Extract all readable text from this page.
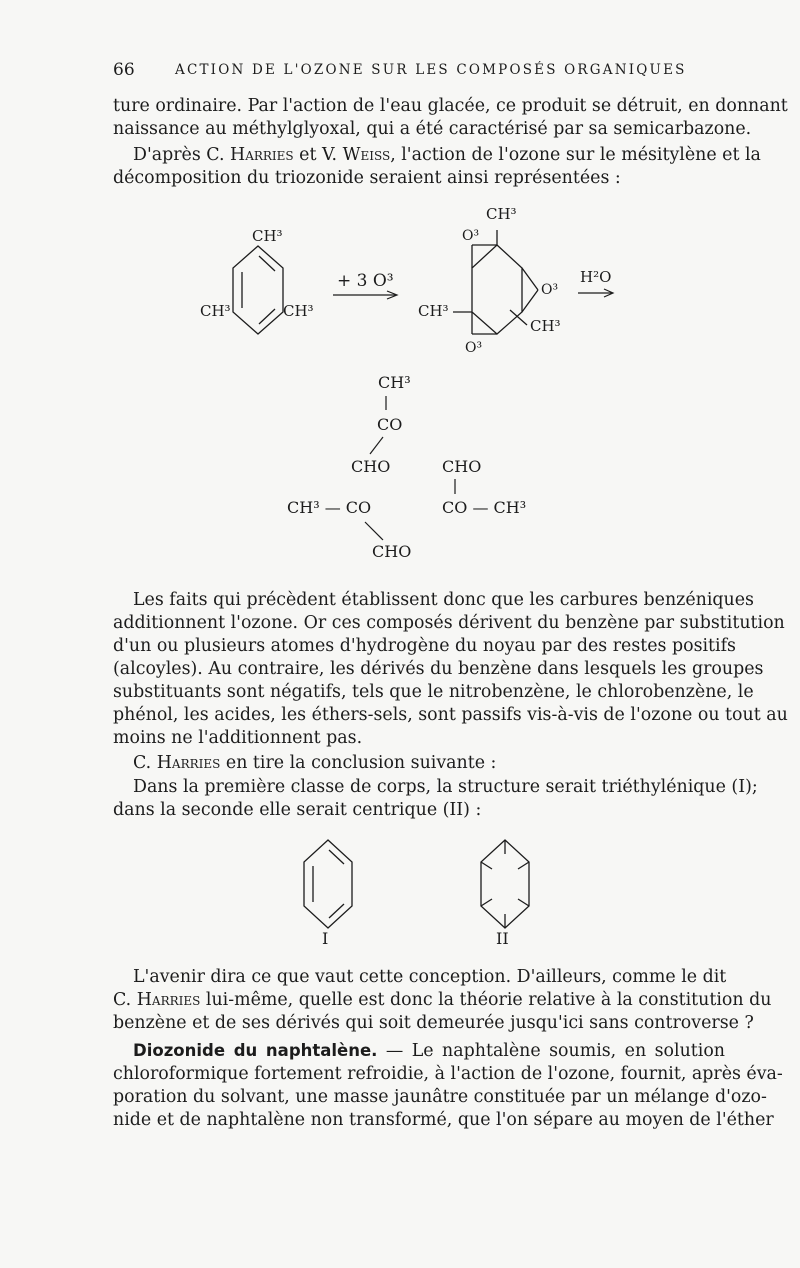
66	ACTION DE L'OZONE SUR LES COMPOSÉS ORGANIQUES

ture ordinaire. Par l'action de l'eau glacée, ce produit se détruit, en donnant
naissance au méthylglyoxal, qui a été caractérisé par sa semicarbazone.

D'après C. Harries et V. Weiss, l'action de l'ozone sur le mésitylène et la
décomposition du triozonide seraient ainsi représentées :

CH³
CH³	CH³
+ 3 O³
CH³
O³
O³
CH³
CH³
O³
H²O
CH³
CO
CHO	CHO
CO — CH³
CH³ — CO
CHO

Les faits qui précèdent établissent donc que les carbures benzéniques
additionnent l'ozone. Or ces composés dérivent du benzène par substitution
d'un ou plusieurs atomes d'hydrogène du noyau par des restes positifs
(alcoyles). Au contraire, les dérivés du benzène dans lesquels les groupes
substituants sont négatifs, tels que le nitrobenzène, le chlorobenzène, le
phénol, les acides, les éthers-sels, sont passifs vis-à-vis de l'ozone ou tout au
moins ne l'additionnent pas.

C. Harries en tire la conclusion suivante :

Dans la première classe de corps, la structure serait triéthylénique (I);
dans la seconde elle serait centrique (II) :

I	II

L'avenir dira ce que vaut cette conception. D'ailleurs, comme le dit
C. Harries lui-même, quelle est donc la théorie relative à la constitution du
benzène et de ses dérivés qui soit demeurée jusqu'ici sans controverse ?

Diozonide du naphtalène. — Le naphtalène soumis, en solution
chloroformique fortement refroidie, à l'action de l'ozone, fournit, après éva-
poration du solvant, une masse jaunâtre constituée par un mélange d'ozo-
nide et de naphtalène non transformé, que l'on sépare au moyen de l'éther
